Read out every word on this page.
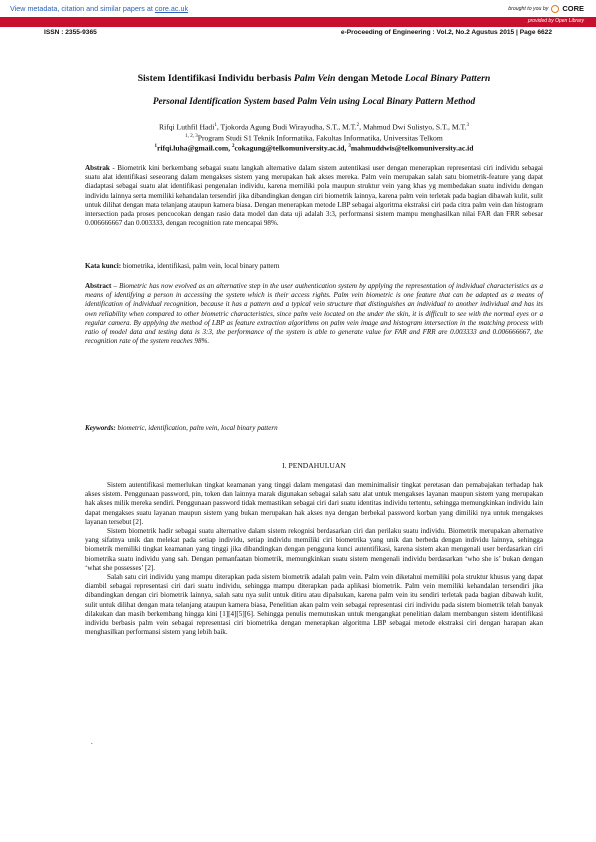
View metadata, citation and similar papers at core.ac.uk	brought to you by CORE
provided by Open Library
ISSN : 2355-9365	e-Proceeding of Engineering : Vol.2, No.2 Agustus 2015 | Page 6622
Sistem Identifikasi Individu berbasis Palm Vein dengan Metode Local Binary Pattern
Personal Identification System based Palm Vein using Local Binary Pattern Method
Rifqi Luthfil Hadi$^1$, Tjokorda Agung Budi Wirayudha, S.T., M.T.$^2$, Mahmud Dwi Sulistyo, S.T., M.T.$^3$
$^{1, 2, 3}$Program Studi S1 Teknik Informatika, Fakultas Informatika, Universitas Telkom
$^1$rifqi.luha@gmail.com, $^2$cokagung@telkomuniversity.ac.id, $^3$mahmuddwis@telkomuniversity.ac.id

Abstrak - Biometrik kini berkembang sebagai suatu langkah alternative dalam sistem autentikasi user dengan menerapkan representasi ciri individu sebagai suatu alat identifikasi seseorang dalam mengakses sistem yang merupakan hak akses mereka. Palm vein merupakan salah satu biometrik-feature yang dapat diadaptasi sebagai suatu alat identifikasi pengenalan individu, karena memiliki pola maupun struktur vein yang khas yg membedakan suatu individu dengan individu lainnya serta memiliki kehandalan tersendiri jika dibandingkan dengan ciri biometrik lainnya, karena palm vein terletak pada bagian dibawah kulit, sulit untuk dilihat dengan mata telanjang ataupun kamera biasa. Dengan menerapkan metode LBP sebagai algoritma ekstraksi ciri pada citra palm vein dan histogram intersection pada proses pencocokan dengan rasio data model dan data uji adalah 3:3, performansi sistem mampu menghasilkan nilai FAR dan FRR sebesar 0.006666667 dan 0.003333, dengan recognition rate mencapai 98%.

Kata kunci: biometrika, identifikasi, palm vein, local binary pattern

Abstract – Biometric has now evolved as an alternative step in the user authentication system by applying the representation of individual characteristics as a means of identifying a person in accessing the system which is their access rights. Palm vein biometric is one feature that can be adapted as a means of identification of individual recognition, because it has a pattern and a typical vein structure that distinguishes an individual to another individual and has its own reliability when compared to other biometric characteristics, since palm vein located on the under the skin, it is difficult to see with the normal eyes or a regular camera. By applying the method of LBP as feature extraction algorithms on palm vein image and histogram intersection in the matching process with ratio of model data and testing data is 3:3, the performance of the system is able to generate value for FAR and FRR are 0.003333 and 0.006666667, the recognition rate of the system reaches 98%.

Keywords: biometric, identification, palm vein, local binary pattern

I. PENDAHULUAN

Sistem autentifikasi memerlukan tingkat keamanan yang tinggi dalam mengatasi dan meminimalisir tingkat peretasan dan pemabajakan terhadap hak akses sistem. Penggunaan password, pin, token dan lainnya marak digunakan sebagai salah satu alat untuk mengakses layanan maupun sistem yang merupakan hak akses milik mereka sendiri. Penggunaan password tidak memastikan sebagai ciri dari suatu identitas individu tertentu, sehingga memungkinkan individu lain dapat mengakses suatu layanan maupun sistem yang bukan merupakan hak akses nya dengan berbekal password korban yang dimiliki nya untuk mengakses layanan tersebut [2].

Sistem biometrik hadir sebagai suatu alternative dalam sistem rekognisi berdasarkan ciri dan perilaku suatu individu. Biometrik merupakan alternative yang sifatnya unik dan melekat pada setiap individu, setiap individu memiliki ciri biometrika yang unik dan berbeda dengan individu lainnya, sehingga biometrik memiliki tingkat keamanan yang tinggi jika dibandingkan dengan pengguna kunci autentifikasi, karena sistem akan mengenali user berdasarkan ciri biometrika suatu individu yang sah. Dengan pemanfaatan biometrik, memungkinkan suatu sistem mengenali individu berdasarkan ‘who she is’ bukan dengan ‘what she possesses’ [2].

Salah satu ciri individu yang mampu diterapkan pada sistem biometrik adalah palm vein. Palm vein diketahui memiliki pola struktur khusus yang dapat diambil sebagai representasi ciri dari suatu individu, sehingga mampu diterapkan pada aplikasi biometrik. Palm vein memiliki kehandalan tersendiri jika dibandingkan dengan ciri biometrik lainnya, salah satu nya sulit untuk ditiru atau dipalsukan, karena palm vein itu sendiri terletak pada bagian dibawah kulit, sulit untuk dilihat dengan mata telanjang ataupun kamera biasa, Penelitian akan palm vein sebagai representasi ciri individu pada sistem biometrik telah banyak dilakukan dan masih berkembang hingga kini [1][4][5][6]. Sehingga penulis memutuskan untuk mengangkat penelitian dalam membangun sistem identifikasi individu berbasis palm vein sebagai representasi ciri biometrika dengan menerapkan algoritma LBP sebagai metode ekstraksi ciri dengan harapan akan menghasilkan performansi sistem yang lebih baik.

.
